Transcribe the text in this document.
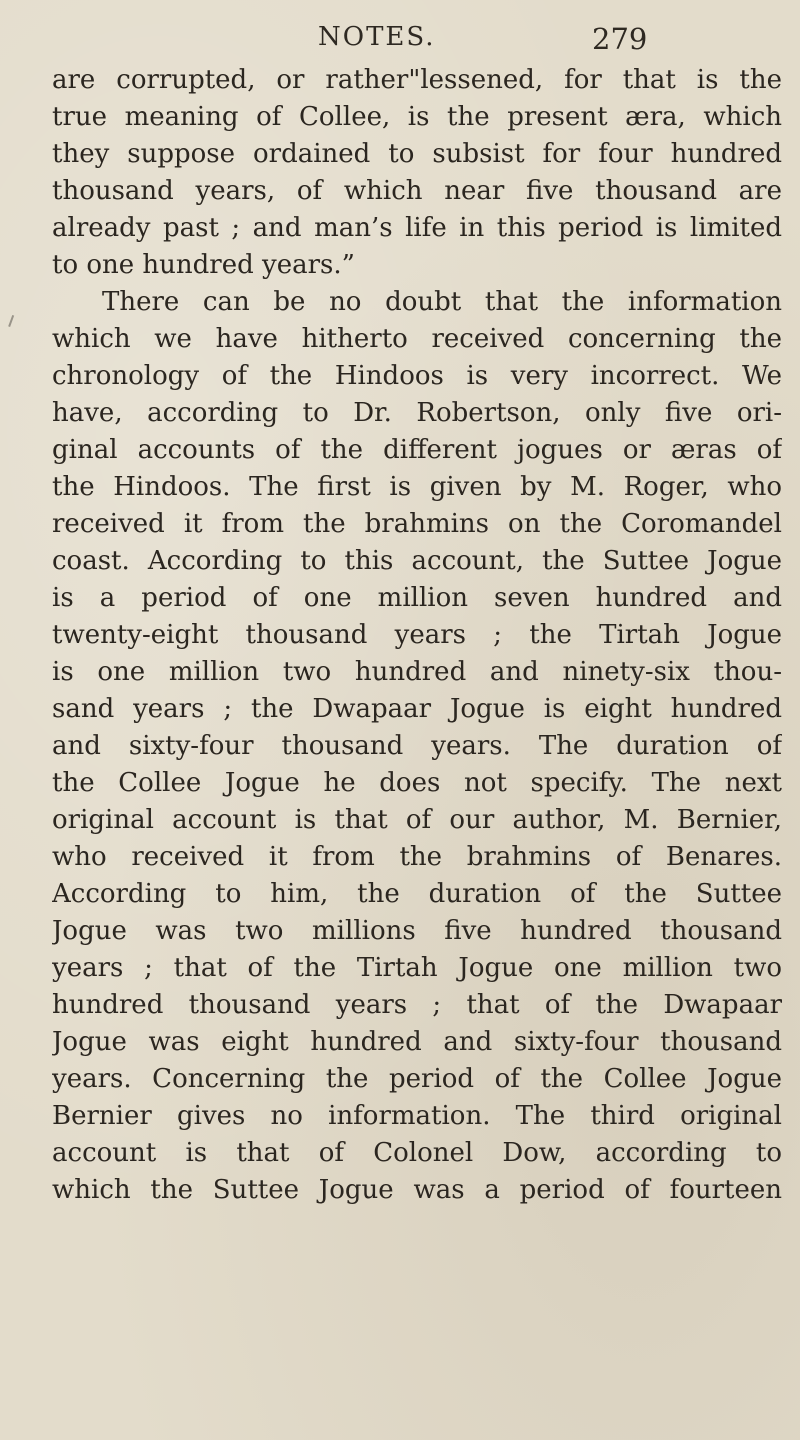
NOTES.	279
are corrupted, or rather"lessened, for that is the
true meaning of Collee, is the present æra, which
they suppose ordained to subsist for four hundred
thousand years, of which near five thousand are
already past ; and man’s life in this period is limited
to one hundred years.”
There can be no doubt that the information
which we have hitherto received concerning the
chronology of the Hindoos is very incorrect. We
have, according to Dr. Robertson, only five ori-
ginal accounts of the different jogues or æras of
the Hindoos. The first is given by M. Roger, who
received it from the brahmins on the Coromandel
coast. According to this account, the Suttee Jogue
is a period of one million seven hundred and
twenty-eight thousand years ; the Tirtah Jogue
is one million two hundred and ninety-six thou-
sand years ; the Dwapaar Jogue is eight hundred
and sixty-four thousand years. The duration of
the Collee Jogue he does not specify. The next
original account is that of our author, M. Bernier,
who received it from the brahmins of Benares.
According to him, the duration of the Suttee
Jogue was two millions five hundred thousand
years ; that of the Tirtah Jogue one million two
hundred thousand years ; that of the Dwapaar
Jogue was eight hundred and sixty-four thousand
years. Concerning the period of the Collee Jogue
Bernier gives no information. The third original
account is that of Colonel Dow, according to
which the Suttee Jogue was a period of fourteen
